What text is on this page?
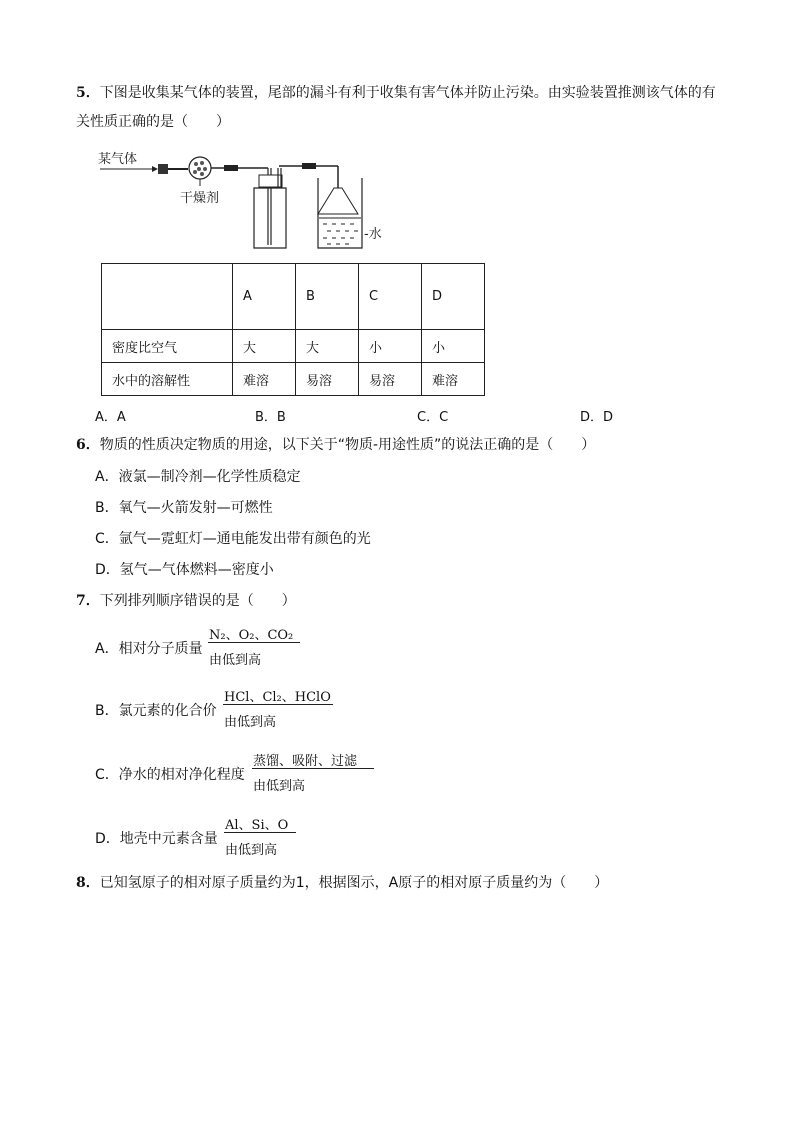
5．下图是收集某气体的装置，尾部的漏斗有利于收集有害气体并防止污染。由实验装置推测该气体的有
关性质正确的是（　　）
某气体
干燥剂
-水
	A	B	C	D
密度比空气	大	大	小	小
水中的溶解性	难溶	易溶	易溶	难溶
A．A	B．B	C．C	D．D
6．物质的性质决定物质的用途，以下关于“物质-用途性质”的说法正确的是（　　）
A．液氯—制冷剂—化学性质稳定
B．氧气—火箭发射—可燃性
C．氩气—霓虹灯—通电能发出带有颜色的光
D．氢气—气体燃料—密度小
7．下列排列顺序错误的是（　　）
A．相对分子质量
N₂、O₂、CO₂
由低到高
B．氯元素的化合价
HCl、Cl₂、HClO
由低到高
C．净水的相对净化程度
蒸馏、吸附、过滤
由低到高
D．地壳中元素含量
Al、Si、O
由低到高
8．已知氢原子的相对原子质量约为1，根据图示，A原子的相对原子质量约为（　　）
